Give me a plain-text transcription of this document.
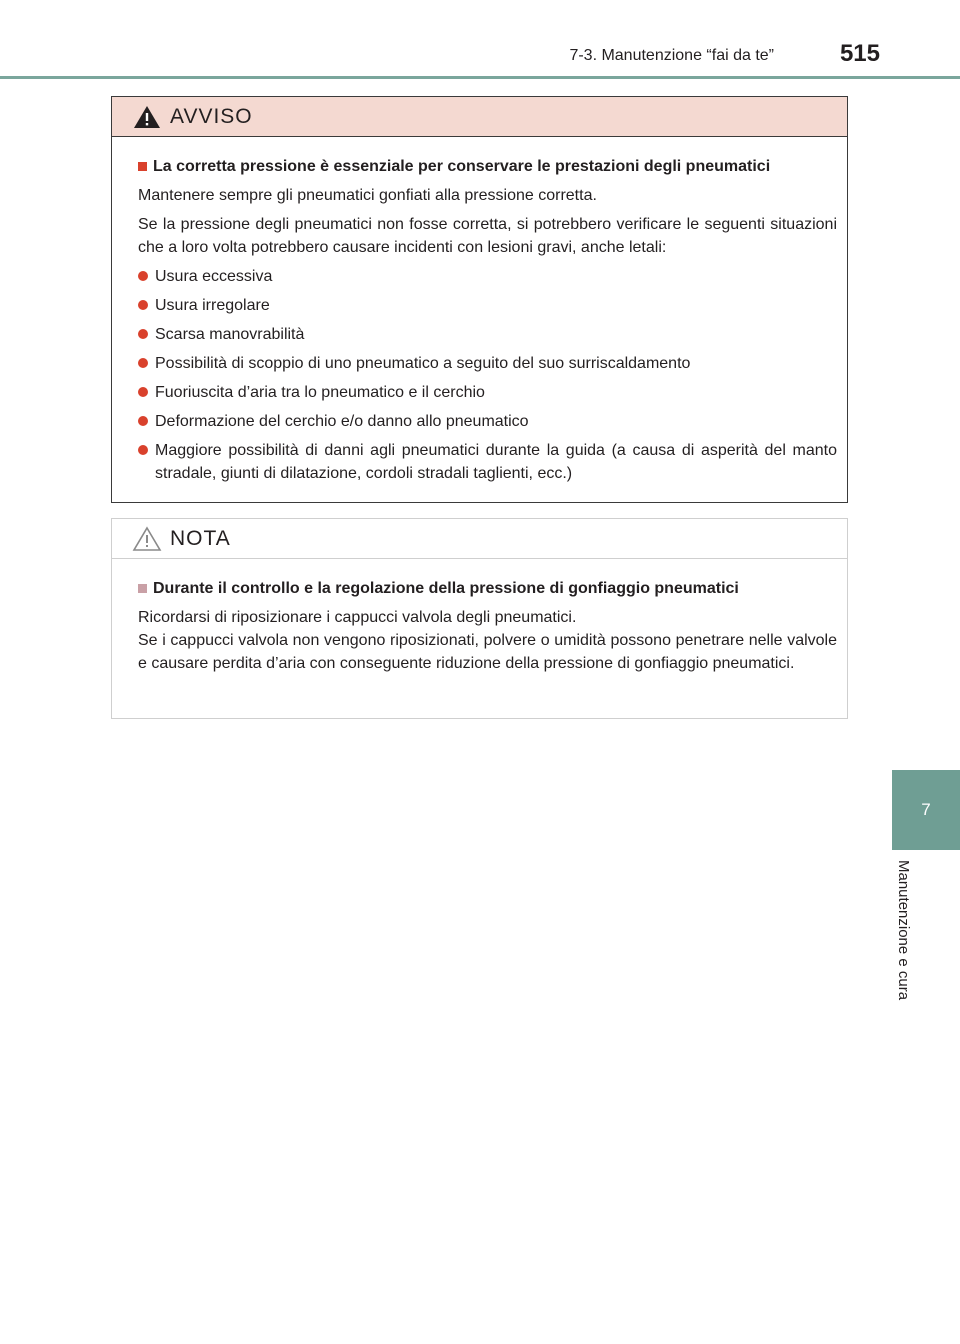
7-3. Manutenzione “fai da te”	515
7
Manutenzione e cura
AVVISO
La corretta pressione è essenziale per conservare le prestazioni degli pneumatici

Mantenere sempre gli pneumatici gonfiati alla pressione corretta.

Se la pressione degli pneumatici non fosse corretta, si potrebbero verificare le seguenti situazioni che a loro volta potrebbero causare incidenti con lesioni gravi, anche letali:

Usura eccessiva
Usura irregolare
Scarsa manovrabilità
Possibilità di scoppio di uno pneumatico a seguito del suo surriscaldamento
Fuoriuscita d’aria tra lo pneumatico e il cerchio
Deformazione del cerchio e/o danno allo pneumatico
Maggiore possibilità di danni agli pneumatici durante la guida (a causa di asperità del manto stradale, giunti di dilatazione, cordoli stradali taglienti, ecc.)
NOTA
Durante il controllo e la regolazione della pressione di gonfiaggio pneumatici
Ricordarsi di riposizionare i cappucci valvola degli pneumatici.
Se i cappucci valvola non vengono riposizionati, polvere o umidità possono penetrare nelle valvole e causare perdita d’aria con conseguente riduzione della pressione di gonfiaggio pneumatici.
